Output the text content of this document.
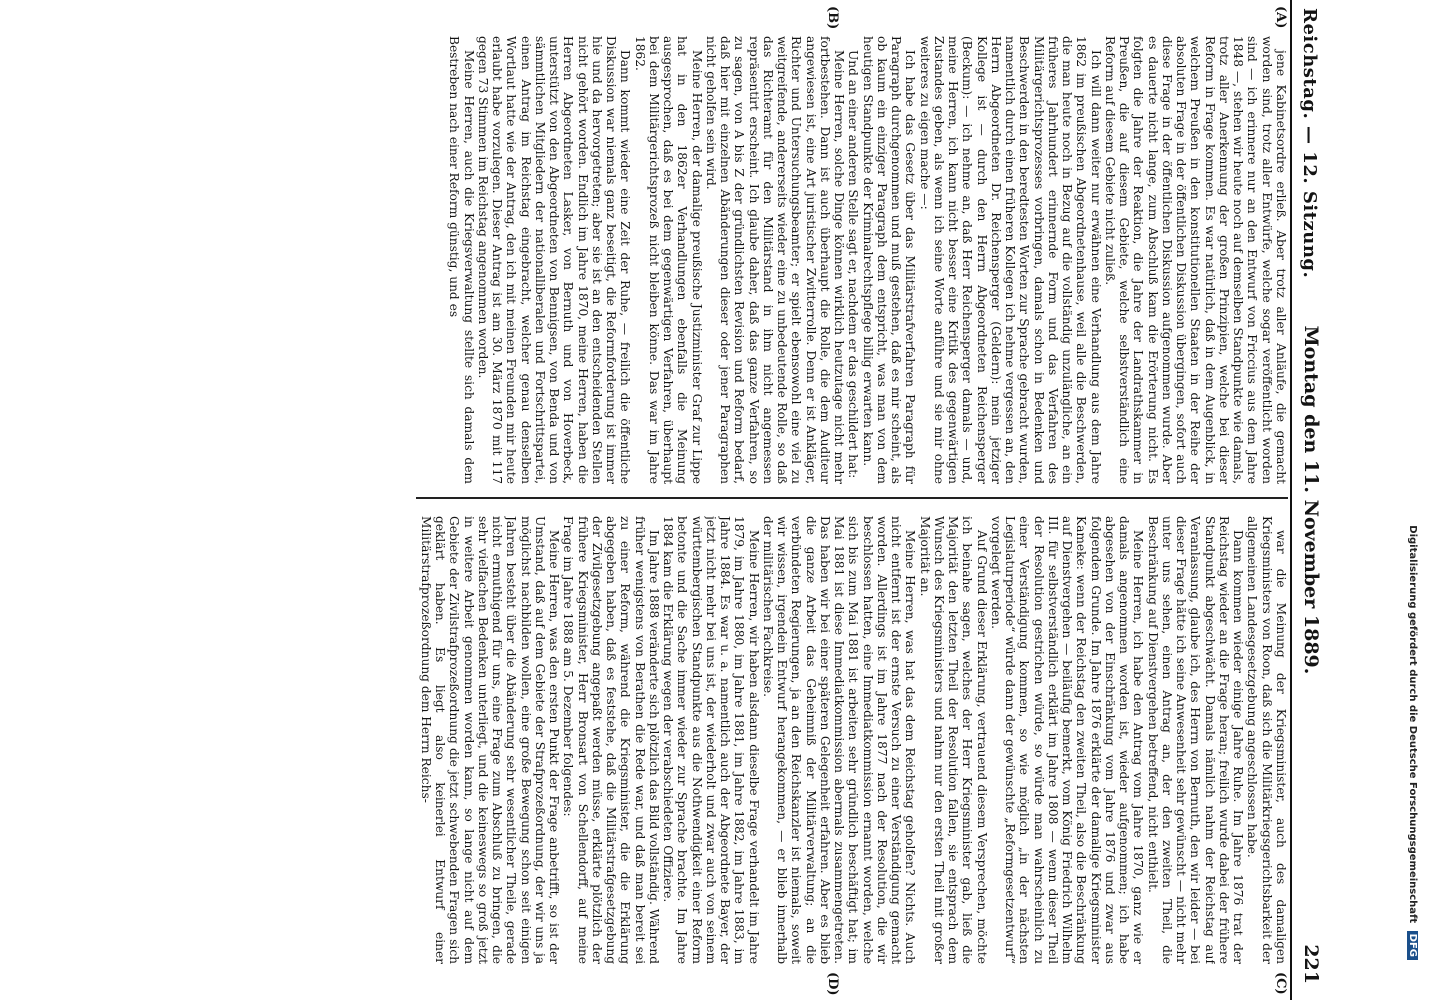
Reichstag. — 12. Sitzung.
Montag den 11. November 1889.
221
(A)
(B)
(C)
(D)

jene Kabinetsordre erließ. Aber trotz aller Anläufe, die gemacht worden sind, trotz aller Entwürfe, welche sogar veröffentlicht worden sind — ich erinnere nur an den Entwurf von Friccius aus dem Jahre 1848 —, stehen wir heute noch auf demselben Standpunkte wie damals, trotz aller Anerkennung der großen Prinzipien, welche bei dieser Reform in Frage kommen. Es war natürlich, daß in dem Augenblick, in welchem Preußen in den konstitutionellen Staaten in der Reihe der absoluten Frage in der öffentlichen Diskussion übergingen, sofort auch diese Frage in der öffentlichen Diskussion aufgenommen wurde. Aber es dauerte nicht lange, zum Abschluß kam die Erörterung nicht. Es folgten die Jahre der Reaktion, die Jahre der Landrathskammer in Preußen, die auf diesem Gebiete, welche selbstverständlich eine Reform auf diesem Gebiete nicht zuließ.

Ich will dann weiter nur erwähnen eine Verhandlung aus dem Jahre 1862 im preußischen Abgeordnetenhause, weil alle die Beschwerden, die man heute noch in Bezug auf die vollständig unzulängliche, an ein früheres Jahrhundert erinnernde Form und das Verfahren des Militärgerichtsprozesses vorbringen, damals schon in Bedenken und Beschwerden in den beredtesten Worten zur Sprache gebracht wurden, namentlich durch einen früheren Kollegen ich nehme vergessen an, den Herrn Abgeordneten Dr. Reichensperger (Geldern): mein jetziger Kollege ist — durch den Herrn Abgeordneten Reichensperger (Beckum): — ich nehme an, daß Herr Reichensperger damals — und, meine Herren, ich kann nicht besser eine Kritik des gegenwärtigen Zustandes geben, als wenn ich seine Worte anführe und sie mir ohne weiteres zu eigen mache —:

Ich habe das Gesetz über das Militärstrafverfahren Paragraph für Paragraph durchgenommen und muß gestehen, daß es mir scheint, als ob kaum ein einziger Paragraph dem entspricht, was man von dem heutigen Standpunkte der Kriminalrechtspflege billig erwarten kann.

Und an einer anderen Stelle sagt er, nachdem er das geschildert hat:

Meine Herren, solche Dinge können wirklich heutzutage nicht mehr fortbestehen. Dann ist auch überhaupt die Rolle, die dem Auditeur angewiesen ist, eine Art juristischer Zwitterrolle. Denn er ist Ankläger, Richter und Untersuchungsbeamter; er spielt ebensowohl eine viel zu weitgreifende, andererseits wieder eine zu unbedeutende Rolle, so daß das Richteramt für den Militärstand in ihm nicht angemessen repräsentirt erscheint. Ich glaube daher, daß das ganze Verfahren, so zu sagen, von A bis Z der gründlichsten Revision und Reform bedarf, daß hier mit einzelnen Abänderungen dieser oder jener Paragraphen nicht geholfen sein wird.

Meine Herren, der damalige preußische Justizminister Graf zur Lippe hat in den 1862er Verhandlungen ebenfalls die Meinung ausgesprochen, daß es bei dem gegenwärtigen Verfahren, überhaupt bei dem Militärgerichtsprozeß nicht bleiben könne. Das war im Jahre 1862.

Dann kommt wieder eine Zeit der Ruhe, — freilich die öffentliche Diskussion war niemals ganz beseitigt, die Reformforderung ist immer hie und da hervorgetreten; aber sie ist an den entscheidenden Stellen nicht gehört worden. Endlich im Jahre 1870, meine Herren, haben die Herren Abgeordneten Lasker, von Bernuth und von Hoverbeck, unterstützt von den Abgeordneten von Bennigsen, von Benda und von sämmtlichen Mitgliedern der nationalliberalen und Fortschrittspartei, einen Antrag im Reichstag eingebracht, welcher genau denselben Wortlaut hatte wie der Antrag, den ich mit meinen Freunden mir heute erlaubt habe vorzulegen. Dieser Antrag ist am 30. März 1870 mit 117 gegen 73 Stimmen im Reichstag angenommen worden.

Meine Herren, auch die Kriegsverwaltung stellte sich damals dem Bestreben nach einer Reform günstig, und es

war die Meinung der Kriegsminister, auch des damaligen Kriegsministers von Roon, daß sich die Militärkriegsgerichtsbarkeit der allgemeinen Landesgesetzgebung angeschlossen habe.

Dann kommen wieder einige Jahre Ruhe. Im Jahre 1876 trat der Reichstag wieder an die Frage heran; freilich wurde dabei der frühere Standpunkt abgeschwächt. Damals nämlich nahm der Reichstag auf Veranlassung, glaube ich, des Herrn von Bernuth, den wir leider — bei dieser Frage hätte ich seine Anwesenheit sehr gewünscht — nicht mehr unter uns sehen, einen Antrag an, der den zweiten Theil, die Beschränkung auf Dienstvergehen betreffend, nicht enthielt.

Meine Herren, ich habe den Antrag vom Jahre 1870, ganz wie er damals angenommen worden ist, wieder aufgenommen; ich habe abgesehen von der Einschränkung vom Jahre 1876 und zwar aus folgendem Grunde. Im Jahre 1876 erklärte der damalige Kriegsminister Kameke: wenn der Reichstag den zweiten Theil, also die Beschränkung auf Dienstvergehen — beiläufig bemerkt, vom König Friedrich Wilhelm III. für selbstverständlich erklärt im Jahre 1808 — wenn dieser Theil der Resolution gestrichen würde, so würde man wahrscheinlich zu einer Verständigung kommen, so wie möglich „in der nächsten Legislaturperiode“ würde dann der gewünschte „Reformgesetzentwurf“ vorgelegt werden.

Auf Grund dieser Erklärung, vertrauend diesem Versprechen, möchte ich beinahe sagen, welches der Herr Kriegsminister gab, ließ die Majorität den letzten Theil der Resolution fallen, sie entsprach dem Wunsch des Kriegsministers und nahm nur den ersten Theil mit großer Majorität an.

Meine Herren, was hat das dem Reichstag geholfen? Nichts. Auch nicht entfernt ist der ernste Versuch zu einer Verständigung gemacht worden. Allerdings ist im Jahre 1877 nach der Resolution, die wir beschlossen hatten, eine Immediatkommission ernannt worden, welche sich bis zum Mai 1881 ist arbeiten sehr gründlich beschäftigt hat; im Mai 1881 ist diese Immediatkommission abermals zusammengetreten. Das haben wir bei einer späteren Gelegenheit erfahren. Aber es blieb die ganze Arbeit das Geheimniß der Militärverwaltung; an die verbündeten Regierungen, ja an den Reichskanzler ist niemals, soweit wir wissen, irgendein Entwurf herangekommen, — er blieb innerhalb der militärischen Fachkreise.

Meine Herren, wir haben alsdann dieselbe Frage verhandelt im Jahre 1879, im Jahre 1880, im Jahre 1881, im Jahre 1882, im Jahre 1883, im Jahre 1884. Es war u. a. namentlich auch der Abgeordnete Bayer, der jetzt nicht mehr bei uns ist, der wiederholt und zwar auch von seinem württembergischen Standpunkte aus die Nothwendigkeit einer Reform betonte und die Sache immer wieder zur Sprache brachte. Im Jahre 1884 kam die Erklärung wegen der verabschiedeten Offiziere.

Im Jahre 1888 veränderte sich plötzlich das Bild vollständig. Während früher wenigstens von Berathen die Rede war, und daß man bereit sei zu einer Reform, während die Kriegsminister, die die Erklärung abgegeben haben, daß es feststehe, daß die Militärstrafgesetzgebung der Zivilgesetzgebung angepaßt werden müsse, erklärte plötzlich der frühere Kriegsminister, Herr Bronsart von Schellendorff, auf meine Frage im Jahre 1888 am 5. Dezember folgendes:

Meine Herren, was den ersten Punkt der Frage anbetrifft, so ist der Umstand, daß auf dem Gebiete der Strafprozeßordnung, der wir uns ja möglichst nachbilden wollen, eine große Bewegung schon seit einigen Jahren besteht über die Abänderung sehr wesentlicher Theile, gerade nicht ermuthigend für uns, eine Frage zum Abschluß zu bringen, die sehr vielfachen Bedenken unterliegt, und die keineswegs so groß jetzt in weitere Arbeit genommen worden kann, so lange nicht auf dem Gebiete der Zivilstrafprozeßordnung die jetzt schwebenden Fragen sich geklärt haben. Es liegt also keinerlei Entwurf einer Militärstrafprozeßordnung dem Herrn Reichs-	Digitalisierung gefördert durch die Deutsche Forschungsgemeinschaft DFG
